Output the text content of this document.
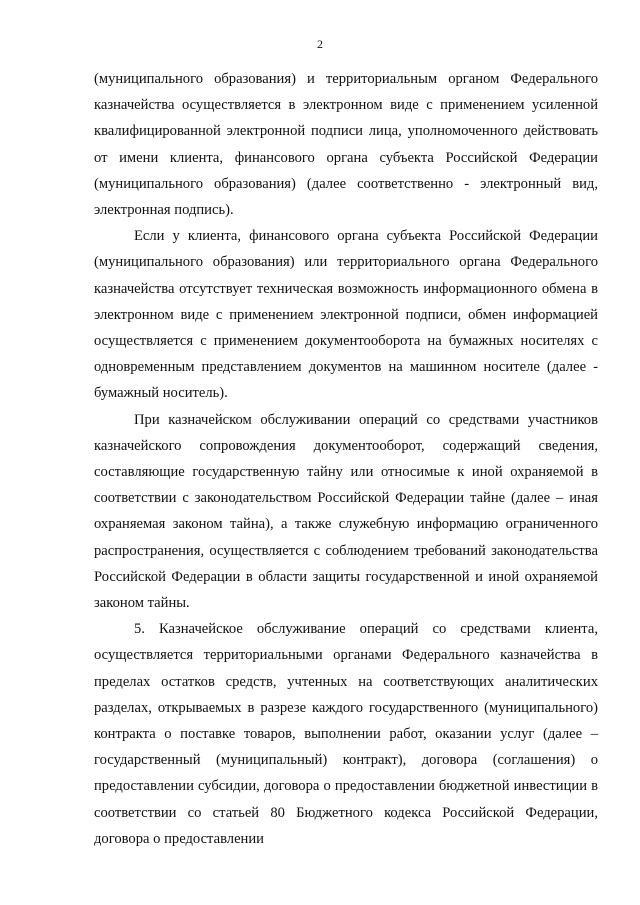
2

(муниципального образования) и территориальным органом Федерального казначейства осуществляется в электронном виде с применением усиленной квалифицированной электронной подписи лица, уполномоченного действовать от имени клиента, финансового органа субъекта Российской Федерации (муниципального образования) (далее соответственно - электронный вид, электронная подпись).

Если у клиента, финансового органа субъекта Российской Федерации (муниципального образования) или территориального органа Федерального казначейства отсутствует техническая возможность информационного обмена в электронном виде с применением электронной подписи, обмен информацией осуществляется с применением документооборота на бумажных носителях с одновременным представлением документов на машинном носителе (далее - бумажный носитель).

При казначейском обслуживании операций со средствами участников казначейского сопровождения документооборот, содержащий сведения, составляющие государственную тайну или относимые к иной охраняемой в соответствии с законодательством Российской Федерации тайне (далее – иная охраняемая законом тайна), а также служебную информацию ограниченного распространения, осуществляется с соблюдением требований законодательства Российской Федерации в области защиты государственной и иной охраняемой законом тайны.

5. Казначейское обслуживание операций со средствами клиента, осуществляется территориальными органами Федерального казначейства в пределах остатков средств, учтенных на соответствующих аналитических разделах, открываемых в разрезе каждого государственного (муниципального) контракта о поставке товаров, выполнении работ, оказании услуг (далее – государственный (муниципальный) контракт), договора (соглашения) о предоставлении субсидии, договора о предоставлении бюджетной инвестиции в соответствии со статьей 80 Бюджетного кодекса Российской Федерации, договора о предоставлении
